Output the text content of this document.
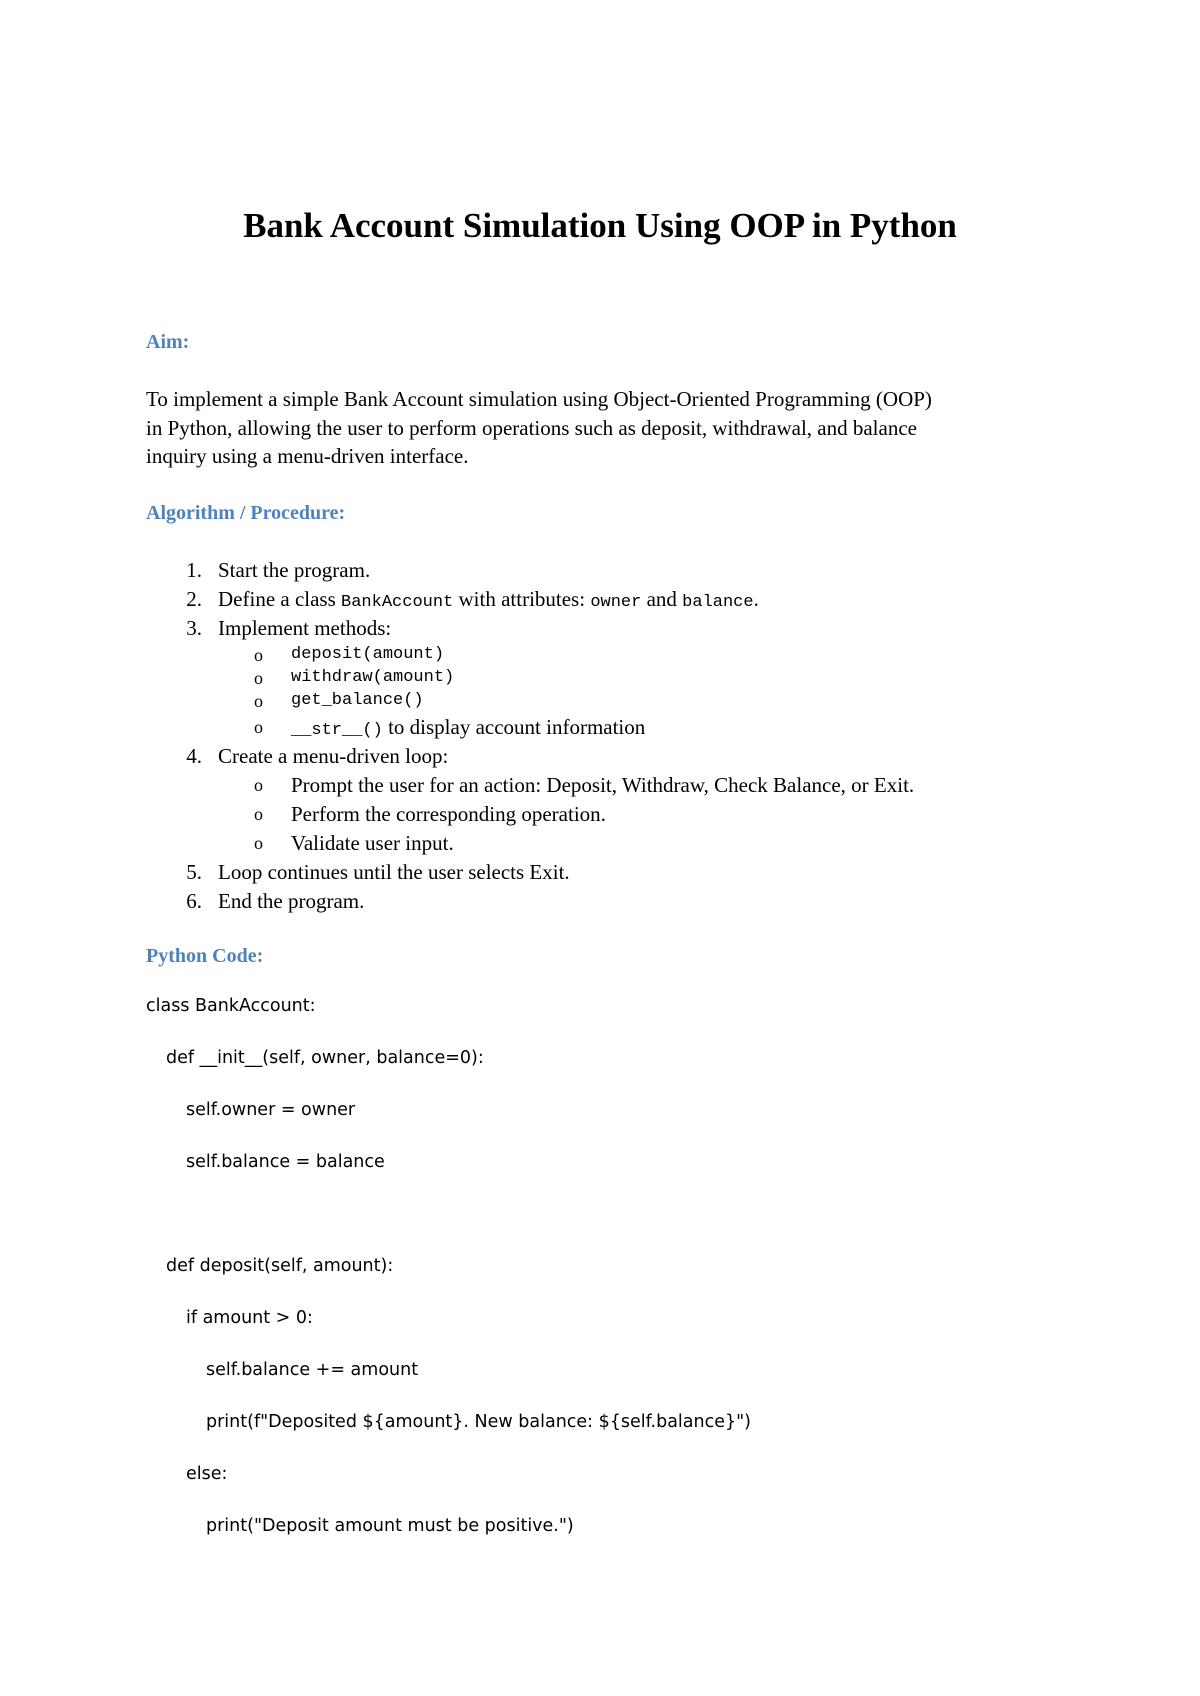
Bank Account Simulation Using OOP in Python
Aim:
To implement a simple Bank Account simulation using Object-Oriented Programming (OOP)
in Python, allowing the user to perform operations such as deposit, withdrawal, and balance
inquiry using a menu-driven interface.
Algorithm / Procedure:
1. Start the program.
2. Define a class BankAccount with attributes: owner and balance.
3. Implement methods:
o deposit(amount)
o withdraw(amount)
o get_balance()
o __str__() to display account information
4. Create a menu-driven loop:
o Prompt the user for an action: Deposit, Withdraw, Check Balance, or Exit.
o Perform the corresponding operation.
o Validate user input.
5. Loop continues until the user selects Exit.
6. End the program.
Python Code:
class BankAccount:
def __init__(self, owner, balance=0):
self.owner = owner
self.balance = balance
def deposit(self, amount):
if amount > 0:
self.balance += amount
print(f"Deposited ${amount}. New balance: ${self.balance}")
else:
print("Deposit amount must be positive.")
